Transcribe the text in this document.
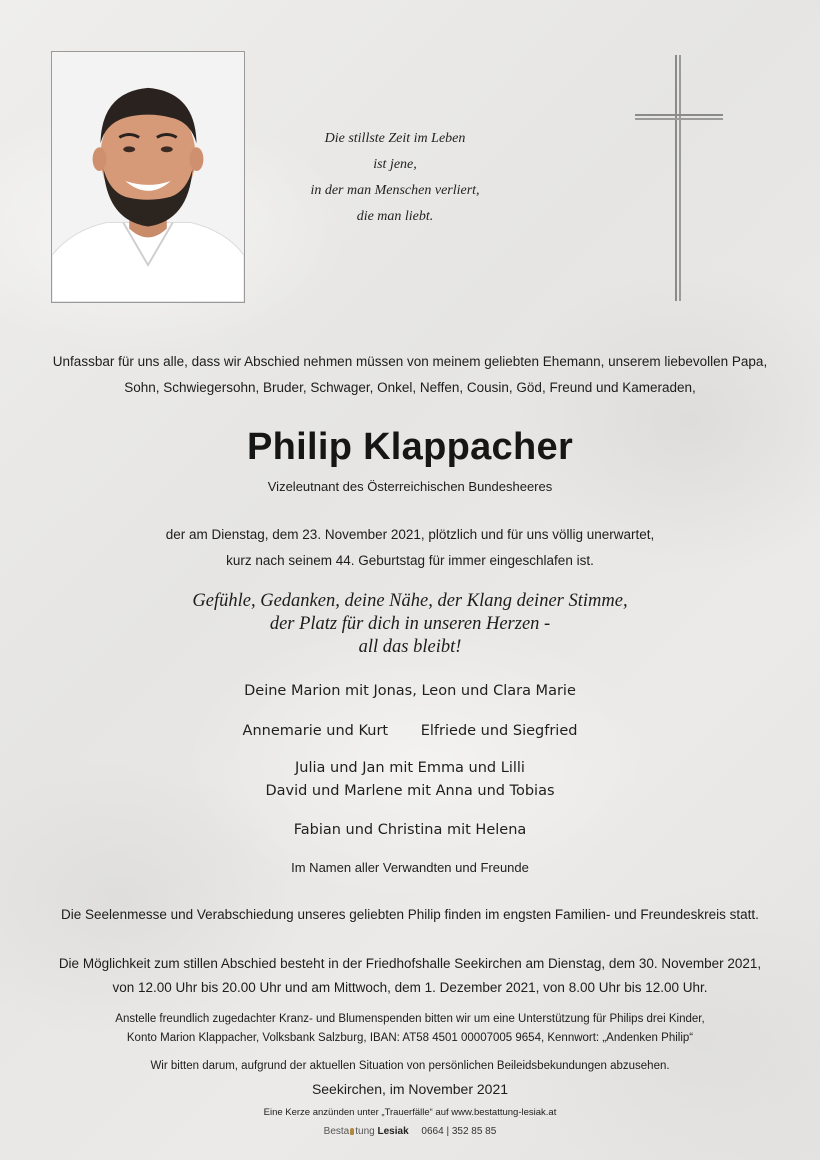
Die stillste Zeit im Leben
ist jene,
in der man Menschen verliert,
die man liebt.
Unfassbar für uns alle, dass wir Abschied nehmen müssen von meinem geliebten Ehemann, unserem liebevollen Papa,
Sohn, Schwiegersohn, Bruder, Schwager, Onkel, Neffen, Cousin, Göd, Freund und Kameraden,
Philip Klappacher
Vizeleutnant des Österreichischen Bundesheeres
der am Dienstag, dem 23. November 2021, plötzlich und für uns völlig unerwartet,
kurz nach seinem 44. Geburtstag für immer eingeschlafen ist.
Gefühle, Gedanken, deine Nähe, der Klang deiner Stimme,
der Platz für dich in unseren Herzen -
all das bleibt!
Deine Marion mit Jonas, Leon und Clara Marie
Annemarie und Kurt Elfriede und Siegfried
Julia und Jan mit Emma und Lilli
David und Marlene mit Anna und Tobias
Fabian und Christina mit Helena
Im Namen aller Verwandten und Freunde
Die Seelenmesse und Verabschiedung unseres geliebten Philip finden im engsten Familien- und Freundeskreis statt.
Die Möglichkeit zum stillen Abschied besteht in der Friedhofshalle Seekirchen am Dienstag, dem 30. November 2021,
von 12.00 Uhr bis 20.00 Uhr und am Mittwoch, dem 1. Dezember 2021, von 8.00 Uhr bis 12.00 Uhr.
Anstelle freundlich zugedachter Kranz- und Blumenspenden bitten wir um eine Unterstützung für Philips drei Kinder,
Konto Marion Klappacher, Volksbank Salzburg, IBAN: AT58 4501 00007005 9654, Kennwort: „Andenken Philip“
Wir bitten darum, aufgrund der aktuellen Situation von persönlichen Beileidsbekundungen abzusehen.
Seekirchen, im November 2021
Eine Kerze anzünden unter „Trauerfälle“ auf www.bestattung-lesiak.at
Besta tung Lesiak 0664 | 352 85 85
